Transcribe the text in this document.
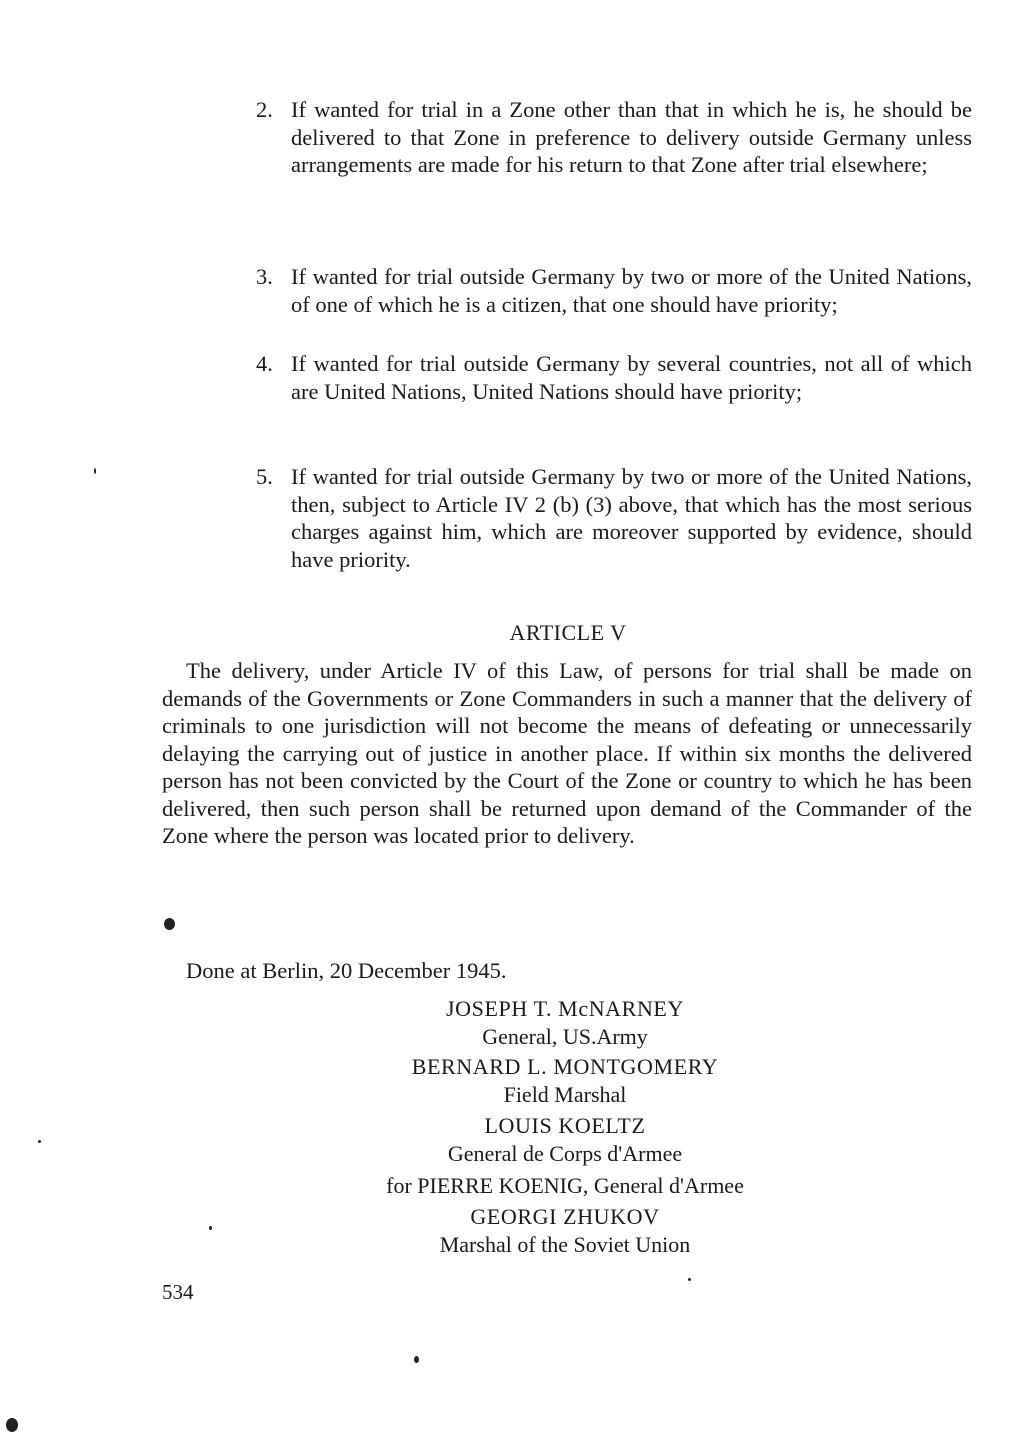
2. If wanted for trial in a Zone other than that in which he is, he should be delivered to that Zone in preference to delivery outside Germany unless arrangements are made for his return to that Zone after trial elsewhere;
3. If wanted for trial outside Germany by two or more of the United Nations, of one of which he is a citizen, that one should have priority;
4. If wanted for trial outside Germany by several countries, not all of which are United Nations, United Nations should have priority;
5. If wanted for trial outside Germany by two or more of the United Nations, then, subject to Article IV 2 (b) (3) above, that which has the most serious charges against him, which are moreover supported by evidence, should have priority.
ARTICLE V
The delivery, under Article IV of this Law, of persons for trial shall be made on demands of the Governments or Zone Commanders in such a manner that the delivery of criminals to one jurisdiction will not become the means of defeating or unnecessarily delaying the carrying out of justice in another place. If within six months the delivered person has not been convicted by the Court of the Zone or country to which he has been delivered, then such person shall be returned upon demand of the Commander of the Zone where the person was located prior to delivery.
Done at Berlin, 20 December 1945.
JOSEPH T. McNARNEY
General, US.Army
BERNARD L. MONTGOMERY
Field Marshal
LOUIS KOELTZ
General de Corps d'Armee
for PIERRE KOENIG, General d'Armee
GEORGI ZHUKOV
Marshal of the Soviet Union
534
